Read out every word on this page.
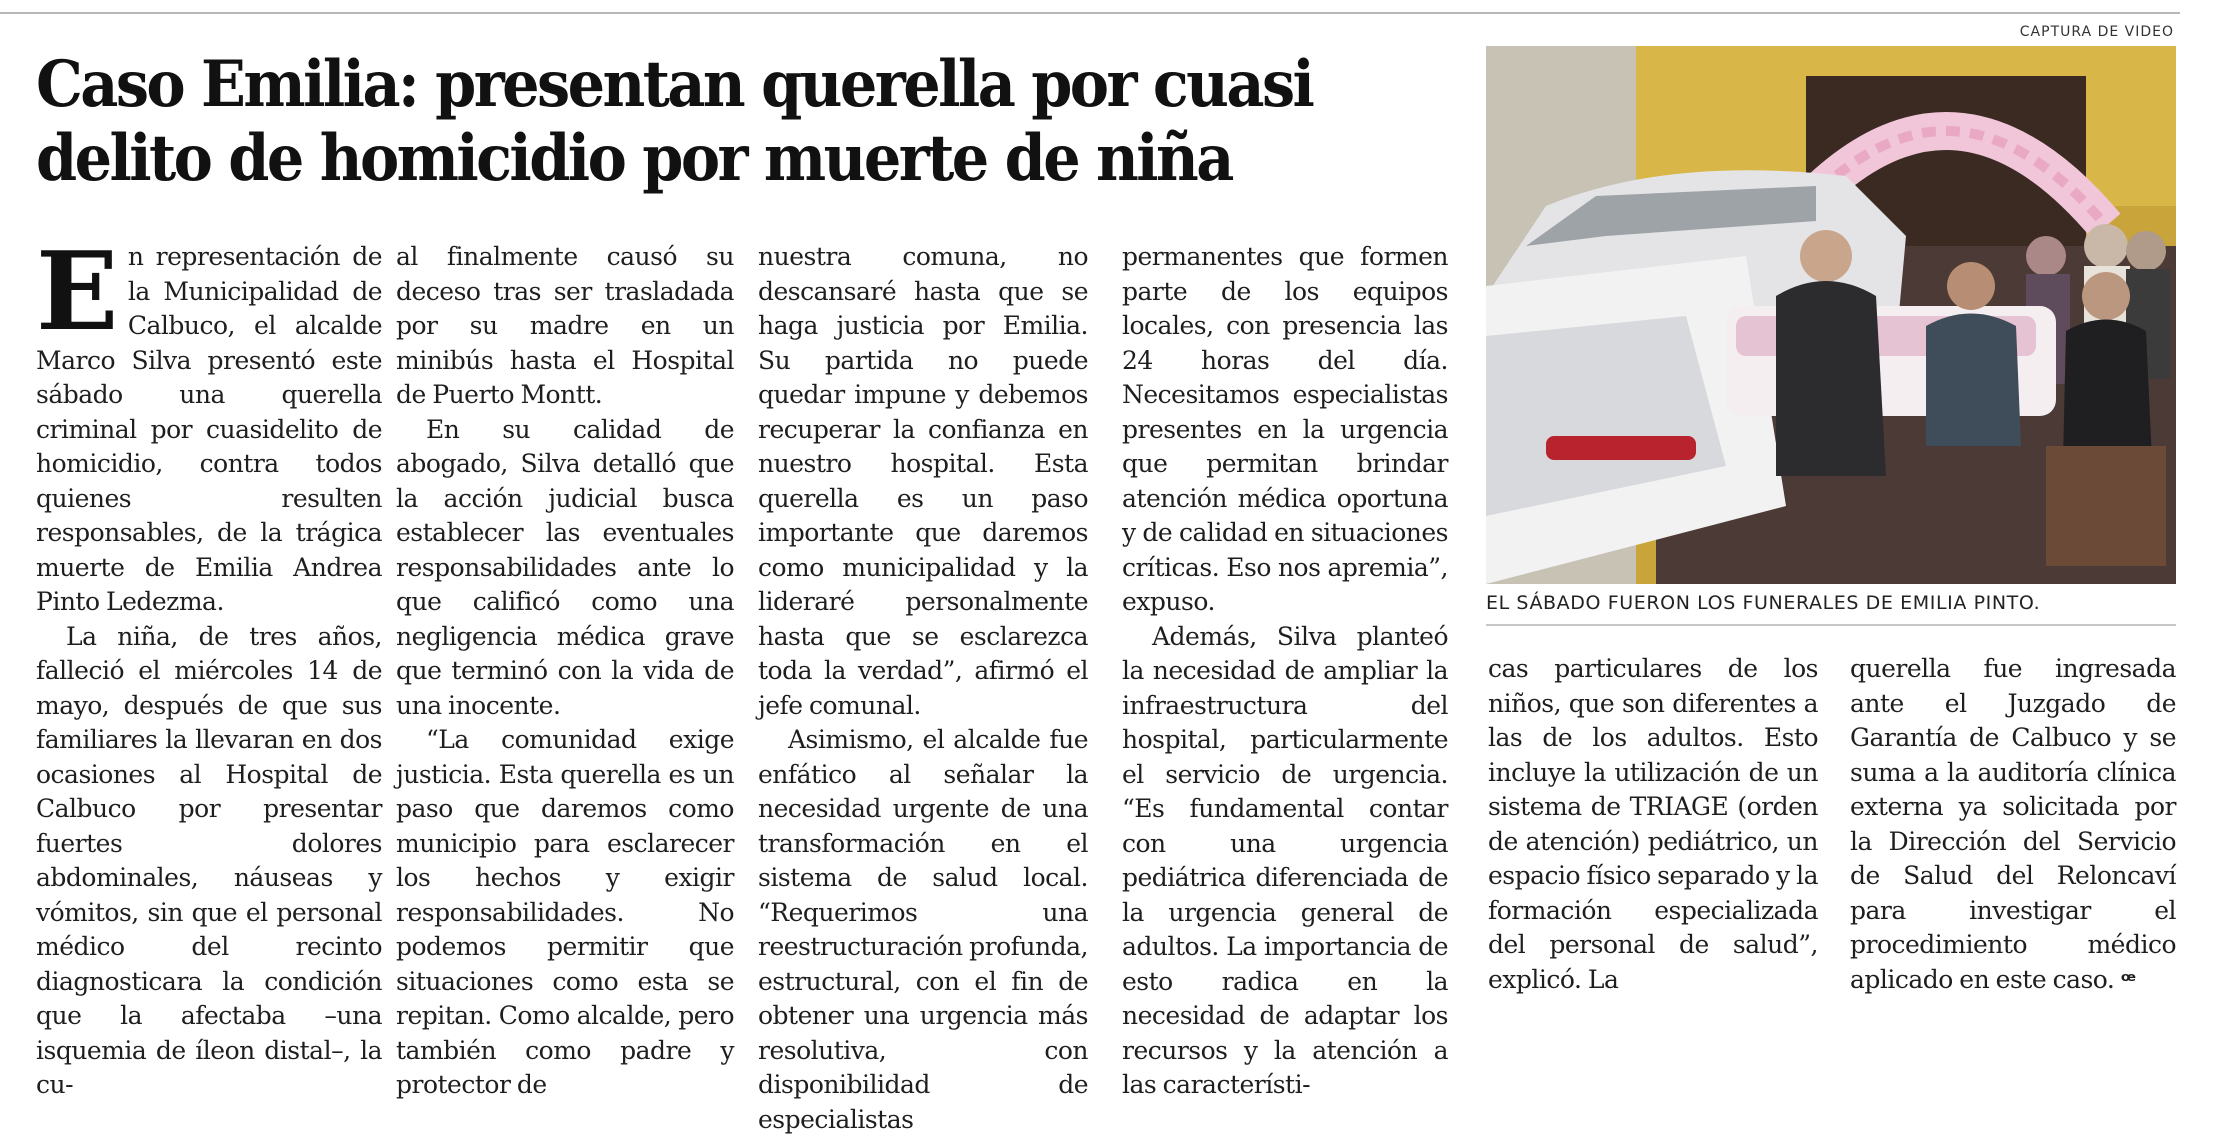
Caso Emilia: presentan querella por cuasi delito de homicidio por muerte de niña

En representación de la Municipalidad de Calbuco, el alcalde Marco Silva presentó este sábado una querella criminal por cuasidelito de homicidio, contra todos quienes resulten responsables, de la trágica muerte de Emilia Andrea Pinto Ledezma.

La niña, de tres años, falleció el miércoles 14 de mayo, después de que sus familiares la llevaran en dos ocasiones al Hospital de Calbuco por presentar fuertes dolores abdominales, náuseas y vómitos, sin que el personal médico del recinto diagnosticara la condición que la afectaba –una isquemia de íleon distal–, la cu-

al finalmente causó su deceso tras ser trasladada por su madre en un minibús hasta el Hospital de Puerto Montt.

En su calidad de abogado, Silva detalló que la acción judicial busca establecer las eventuales responsabilidades ante lo que calificó como una negligencia médica grave que terminó con la vida de una inocente.

“La comunidad exige justicia. Esta querella es un paso que daremos como municipio para esclarecer los hechos y exigir responsabilidades. No podemos permitir que situaciones como esta se repitan. Como alcalde, pero también como padre y protector de

nuestra comuna, no descansaré hasta que se haga justicia por Emilia. Su partida no puede quedar impune y debemos recuperar la confianza en nuestro hospital. Esta querella es un paso importante que daremos como municipalidad y la lideraré personalmente hasta que se esclarezca toda la verdad”, afirmó el jefe comunal.

Asimismo, el alcalde fue enfático al señalar la necesidad urgente de una transformación en el sistema de salud local. “Requerimos una reestructuración profunda, estructural, con el fin de obtener una urgencia más resolutiva, con disponibilidad de especialistas

permanentes que formen parte de los equipos locales, con presencia las 24 horas del día. Necesitamos especialistas presentes en la urgencia que permitan brindar atención médica oportuna y de calidad en situaciones críticas. Eso nos apremia”, expuso.

Además, Silva planteó la necesidad de ampliar la infraestructura del hospital, particularmente el servicio de urgencia. “Es fundamental contar con una urgencia pediátrica diferenciada de la urgencia general de adultos. La importancia de esto radica en la necesidad de adaptar los recursos y la atención a las característi-

cas particulares de los niños, que son diferentes a las de los adultos. Esto incluye la utilización de un sistema de TRIAGE (orden de atención) pediátrico, un espacio físico separado y la formación especializada del personal de salud”, explicó. La

querella fue ingresada ante el Juzgado de Garantía de Calbuco y se suma a la auditoría clínica externa ya solicitada por la Dirección del Servicio de Salud del Reloncaví para investigar el procedimiento médico aplicado en este caso. ꟹ

CAPTURA DE VIDEO
EL SÁBADO FUERON LOS FUNERALES DE EMILIA PINTO.
